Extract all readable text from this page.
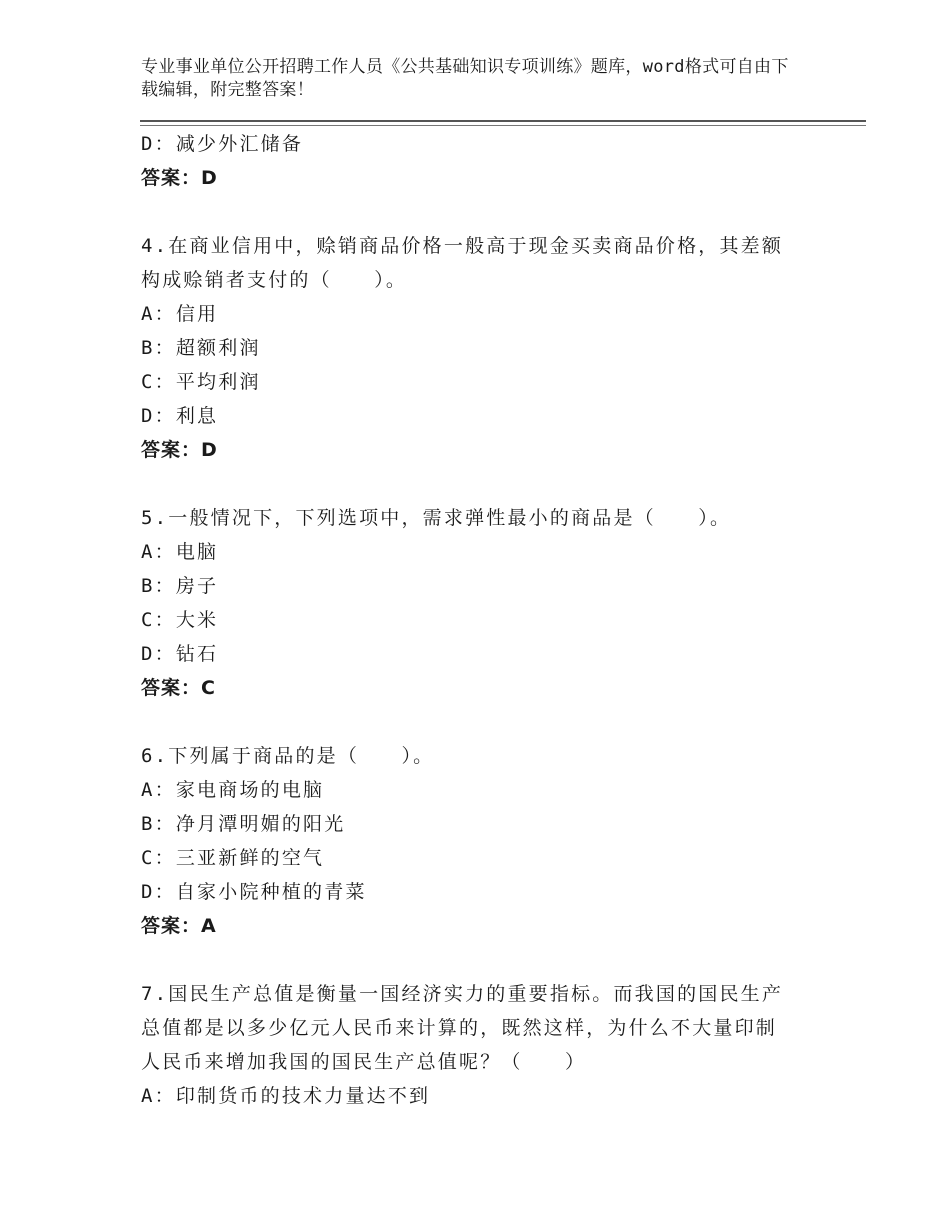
专业事业单位公开招聘工作人员《公共基础知识专项训练》题库，word格式可自由下载编辑，附完整答案！
D：减少外汇储备
答案：D
4.在商业信用中，赊销商品价格一般高于现金买卖商品价格，其差额
构成赊销者支付的（　　）。
A：信用
B：超额利润
C：平均利润
D：利息
答案：D
5.一般情况下，下列选项中，需求弹性最小的商品是（　　）。
A：电脑
B：房子
C：大米
D：钻石
答案：C
6.下列属于商品的是（　　）。
A：家电商场的电脑
B：净月潭明媚的阳光
C：三亚新鲜的空气
D：自家小院种植的青菜
答案：A
7.国民生产总值是衡量一国经济实力的重要指标。而我国的国民生产
总值都是以多少亿元人民币来计算的，既然这样，为什么不大量印制
人民币来增加我国的国民生产总值呢？（　　）
A：印制货币的技术力量达不到
